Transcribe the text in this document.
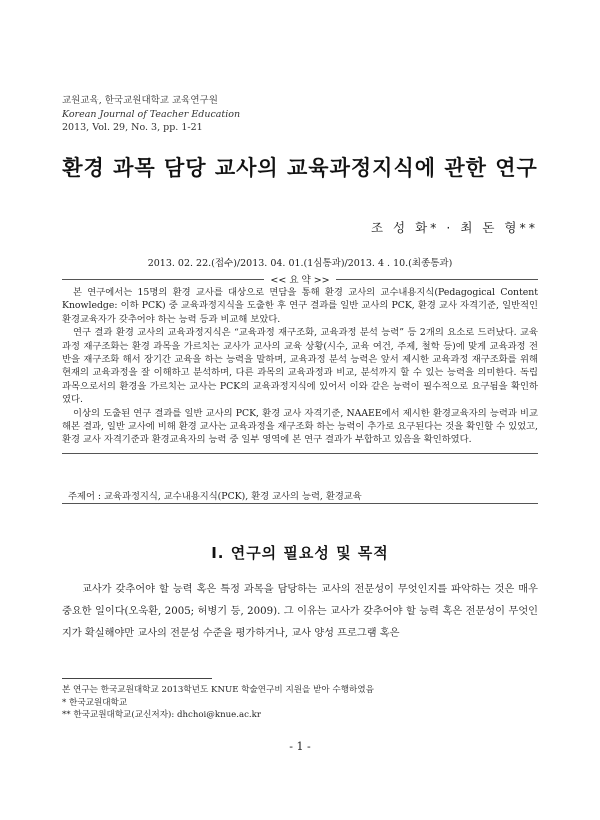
교원교육, 한국교원대학교 교육연구원
Korean Journal of Teacher Education
2013, Vol. 29, No. 3, pp. 1-21
환경 과목 담당 교사의 교육과정지식에 관한 연구
조 성 화* · 최 돈 형**
2013. 02. 22.(접수)/2013. 04. 01.(1심통과)/2013. 4 . 10.(최종통과)
<< 요 약 >>

본 연구에서는 15명의 환경 교사를 대상으로 면담을 통해 환경 교사의 교수내용지식(Pedagogical Content Knowledge: 이하 PCK) 중 교육과정지식을 도출한 후 연구 결과를 일반 교사의 PCK, 환경 교사 자격기준, 일반적인 환경교육자가 갖추어야 하는 능력 등과 비교해 보았다.

연구 결과 환경 교사의 교육과정지식은 “교육과정 재구조화, 교육과정 분석 능력” 등 2개의 요소로 드러났다. 교육과정 재구조화는 환경 과목을 가르치는 교사가 교사의 교육 상황(시수, 교육 여건, 주제, 철학 등)에 맞게 교육과정 전반을 재구조화 해서 장기간 교육을 하는 능력을 말하며, 교육과정 분석 능력은 앞서 제시한 교육과정 재구조화를 위해 현재의 교육과정을 잘 이해하고 분석하며, 다른 과목의 교육과정과 비교, 분석까지 할 수 있는 능력을 의미한다. 독립 과목으로서의 환경을 가르치는 교사는 PCK의 교육과정지식에 있어서 이와 같은 능력이 필수적으로 요구됨을 확인하였다.

이상의 도출된 연구 결과를 일반 교사의 PCK, 환경 교사 자격기준, NAAEE에서 제시한 환경교육자의 능력과 비교해본 결과, 일반 교사에 비해 환경 교사는 교육과정을 재구조화 하는 능력이 추가로 요구된다는 것을 확인할 수 있었고, 환경 교사 자격기준과 환경교육자의 능력 중 일부 영역에 본 연구 결과가 부합하고 있음을 확인하였다.

주제어 : 교육과정지식, 교수내용지식(PCK), 환경 교사의 능력, 환경교육
Ⅰ. 연구의 필요성 및 목적

교사가 갖추어야 할 능력 혹은 특정 과목을 담당하는 교사의 전문성이 무엇인지를 파악하는 것은 매우 중요한 일이다(오욱환, 2005; 허병기 등, 2009). 그 이유는 교사가 갖추어야 할 능력 혹은 전문성이 무엇인지가 확실해야만 교사의 전문성 수준을 평가하거나, 교사 양성 프로그램 혹은

본 연구는 한국교원대학교 2013학년도 KNUE 학술연구비 지원을 받아 수행하였음
* 한국교원대학교
** 한국교원대학교(교신저자): dhchoi@knue.ac.kr
- 1 -
